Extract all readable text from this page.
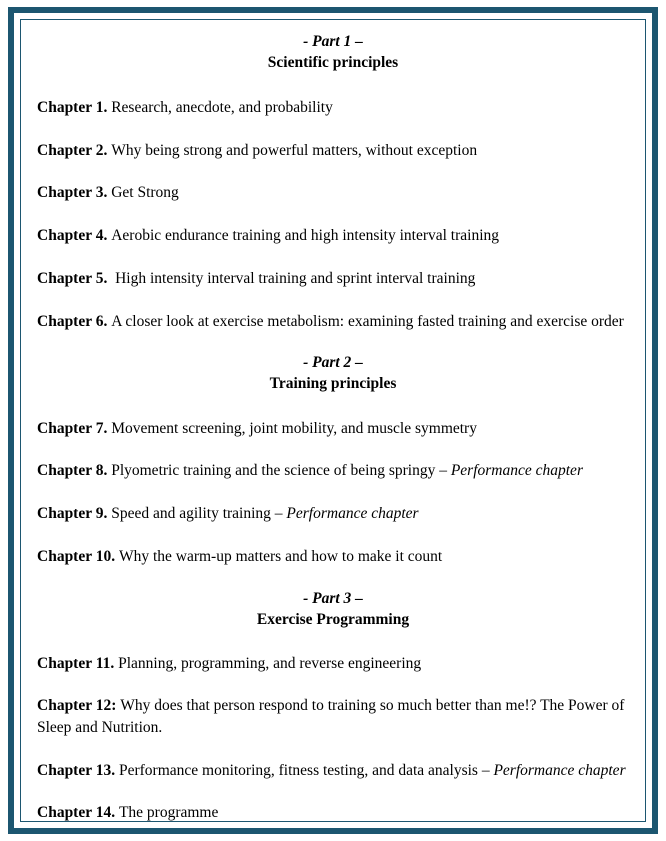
- Part 1 –
Scientific principles
Chapter 1. Research, anecdote, and probability
Chapter 2. Why being strong and powerful matters, without exception
Chapter 3. Get Strong
Chapter 4. Aerobic endurance training and high intensity interval training
Chapter 5.  High intensity interval training and sprint interval training
Chapter 6. A closer look at exercise metabolism: examining fasted training and exercise order
- Part 2 –
Training principles
Chapter 7. Movement screening, joint mobility, and muscle symmetry
Chapter 8. Plyometric training and the science of being springy – Performance chapter
Chapter 9. Speed and agility training – Performance chapter
Chapter 10. Why the warm-up matters and how to make it count
- Part 3 –
Exercise Programming
Chapter 11. Planning, programming, and reverse engineering
Chapter 12: Why does that person respond to training so much better than me!? The Power of Sleep and Nutrition.
Chapter 13. Performance monitoring, fitness testing, and data analysis – Performance chapter
Chapter 14. The programme
